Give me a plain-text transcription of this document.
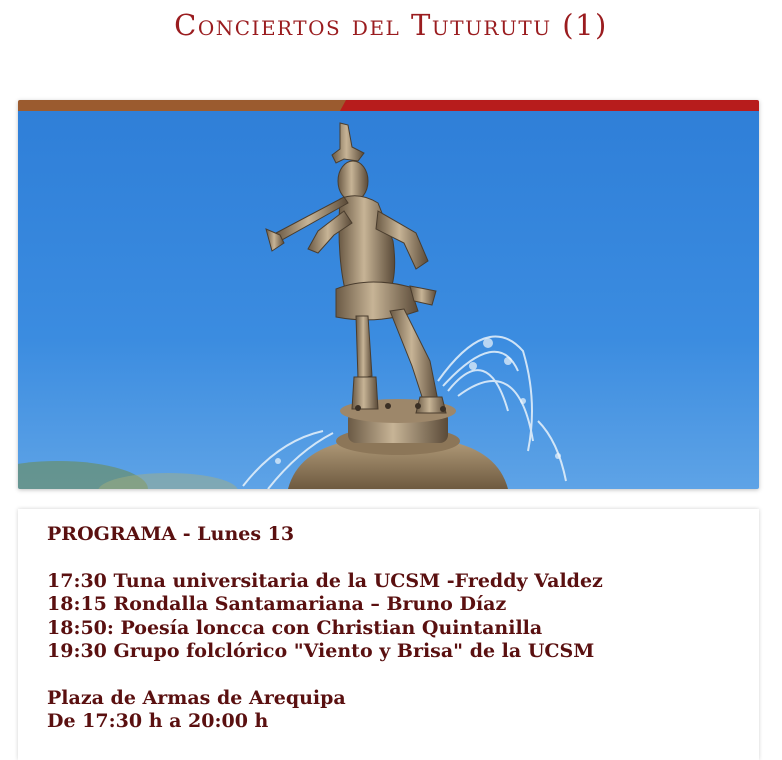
Conciertos del Tuturutu (1)
PROGRAMA - Lunes 13
17:30 Tuna universitaria de la UCSM -Freddy Valdez
18:15 Rondalla Santamariana – Bruno Díaz
18:50: Poesía loncca con Christian Quintanilla
19:30 Grupo folclórico "Viento y Brisa" de la UCSM
Plaza de Armas de Arequipa
De 17:30 h a 20:00 h
